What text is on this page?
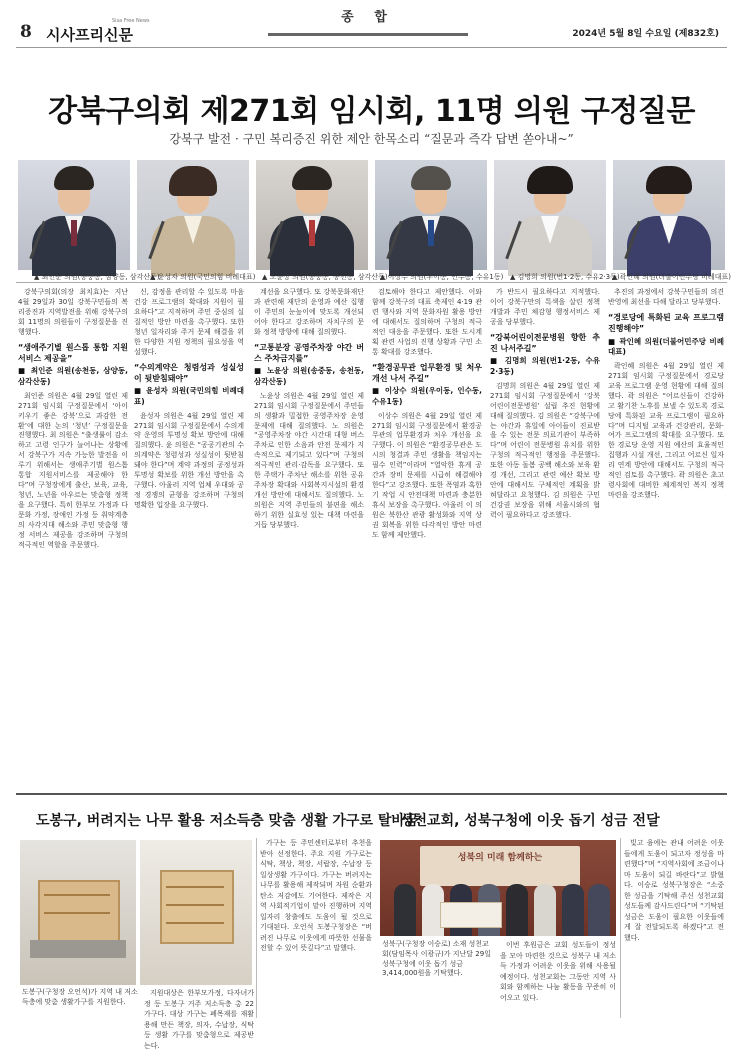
8 시사프리신문
Sisa Free News	종 합
2024년 5월 8일 수요일 (제832호)
강북구의회 제271회 임시회, 11명 의원 구정질문
강북구 발전 · 구민 복리증진 위한 제안 한목소리 “질문과 즉각 답변 쏟아내~”
▲ 최인준 의원(송중동, 삼양동, 삼각산동)
▲ 윤성자 의원(국민의힘 비례대표) ▲ 노윤상 의원(송중동, 송천동, 삼각산동)
▲ 이상수 의원(우이동, 인수동, 수유1동) ▲ 김명희 의원(번1·2동, 수유2·3동)
▲ 곽인혜 의원(더불어민주당 비례대표)

강북구의회(의장 최치효)는 지난 4월 29일과 30일 강북구민들의 복리증진과 지역발전을 위해 강북구의회 11명의 의원들이 구정질문을 진행했다.

“생애주기별 원스톱 통합 지원서비스 제공을”
■ 최인준 의원(송천동, 삼양동, 삼각산동)

최인준 의원은 4월 29일 열린 제271회 임시회 구정질문에서 ‘아이키우기 좋은 강북’으로 과감한 전환’에 대한 논의 ‘청년’ 구정질문을 진행했다. 최 의원은 “출생률이 감소하고 고령 인구가 늘어나는 상황에서 강북구가 지속 가능한 발전을 이루기 위해서는 생애주기별 원스톱 통합 지원서비스를 제공해야 한다”며 구청장에게 출산, 보육, 교육, 청년, 노년을 아우르는 맞춤형 정책을 요구했다. 특히 한부모 가정과 다문화 가정, 장애인 가정 등 취약계층의 사각지대 해소와 주민 맞춤형 행정 서비스 제공을 강조하며 구청의 적극적인 역할을 주문했다.

신, 감정을 관리할 수 있도록 마음 건강 프로그램의 확대와 지원이 필요하다”고 지적하며 주민 중심의 실질적인 방안 마련을 촉구했다. 또한 청년 일자리와 주거 문제 해결을 위한 다양한 지원 정책의 필요성을 역설했다.

“수의계약은 청렴성과 성실성이 뒷받침돼야”
■ 윤성자 의원(국민의힘 비례대표)

윤성자 의원은 4월 29일 열린 제271회 임시회 구정질문에서 수의계약 운영의 투명성 확보 방안에 대해 질의했다. 윤 의원은 “공공기관의 수의계약은 청렴성과 성실성이 뒷받침돼야 한다”며 계약 과정의 공정성과 투명성 확보를 위한 개선 방안을 촉구했다. 아울러 지역 업체 우대와 공정 경쟁의 균형을 강조하며 구청의 명확한 입장을 요구했다.

계선을 요구했다. 또 강북문화재단과 관련해 재단의 운영과 예산 집행이 주민의 눈높이에 맞도록 개선되어야 한다고 강조하며 자치구의 문화 정책 방향에 대해 질의했다.

“고통분장 공영주차장 야간 버스 주차금지를”
■ 노윤상 의원(송중동, 송천동, 삼각산동)

노윤상 의원은 4월 29일 열린 제271회 임시회 구정질문에서 주민들의 생활과 밀접한 공영주차장 운영 문제에 대해 질의했다. 노 의원은 “공영주차장 야간 시간대 대형 버스 주차로 인한 소음과 안전 문제가 지속적으로 제기되고 있다”며 구청의 적극적인 관리·감독을 요구했다. 또한 주택가 주차난 해소를 위한 공유주차장 확대와 사회복지시설의 환경 개선 방안에 대해서도 질의했다. 노 의원은 지역 주민들의 불편을 해소하기 위한 실효성 있는 대책 마련을 거듭 당부했다.

검토해야 한다고 제안했다. 이와 함께 강북구의 대표 축제인 4·19 관련 행사와 지역 문화자원 활용 방안에 대해서도 질의하며 구청의 적극적인 대응을 주문했다. 또한 도시계획 관련 사업의 진행 상황과 구민 소통 확대를 강조했다.

“환경공무관 업무환경 및 처우 개선 나서 주길”
■ 이상수 의원(우이동, 인수동, 수유1동)

이상수 의원은 4월 29일 열린 제271회 임시회 구정질문에서 환경공무관의 업무환경과 처우 개선을 요구했다. 이 의원은 “환경공무관은 도시의 청결과 주민 생활을 책임지는 필수 인력”이라며 “열악한 휴게 공간과 장비 문제를 시급히 해결해야 한다”고 강조했다. 또한 폭염과 혹한기 작업 시 안전대책 마련과 충분한 휴식 보장을 촉구했다. 아울러 이 의원은 북한산 관광 활성화와 지역 상권 회복을 위한 다각적인 방안 마련도 함께 제안했다.

가 반드시 필요하다고 지적했다. 이어 강북구만의 특색을 살린 정책 개발과 주민 체감형 행정서비스 제공을 당부했다.

“강북어린이전문병원 향한 추진 나서주길”
■ 김명희 의원(번1·2동, 수유2·3동)

김명희 의원은 4월 29일 열린 제271회 임시회 구정질문에서 ‘강북어린이전문병원’ 설립 추진 현황에 대해 질의했다. 김 의원은 “강북구에는 야간과 휴일에 아이들이 진료받을 수 있는 전문 의료기관이 부족하다”며 어린이 전문병원 유치를 위한 구청의 적극적인 행정을 주문했다. 또한 아동 돌봄 공백 해소와 보육 환경 개선, 그리고 관련 예산 확보 방안에 대해서도 구체적인 계획을 밝혀달라고 요청했다. 김 의원은 구민 건강권 보장을 위해 서울시와의 협력이 필요하다고 강조했다.

추진의 과정에서 강북구민들의 의견 반영에 최선을 다해 달라고 당부했다.

“경로당에 특화된 교육 프로그램 진행해야”
■ 곽인혜 의원(더불어민주당 비례대표)

곽인혜 의원은 4월 29일 열린 제271회 임시회 구정질문에서 경로당 교육 프로그램 운영 현황에 대해 질의했다. 곽 의원은 “어르신들이 건강하고 활기찬 노후를 보낼 수 있도록 경로당에 특화된 교육 프로그램이 필요하다”며 디지털 교육과 건강관리, 문화·여가 프로그램의 확대를 요구했다. 또한 경로당 운영 지원 예산의 효율적인 집행과 시설 개선, 그리고 어르신 일자리 연계 방안에 대해서도 구청의 적극적인 검토를 촉구했다. 곽 의원은 초고령사회에 대비한 체계적인 복지 정책 마련을 강조했다.

도봉구, 버려지는 나무 활용 저소득층 맞춤 생활 가구로 탈바꿈
도봉구(구청장 오언석)가 지역 내 저소득층에 맞춤 생활가구를 지원한다.

지원대상은 한부모가정, 다자녀가정 등 도봉구 거주 저소득층 총 22가구다. 대상 가구는 폐목재를 재활용해 만든 책장, 의자, 수납장, 식탁 등 생활 가구를 맞춤형으로 제공받는다.

가구는 등 주민센터로부터 추천을 받아 선정한다. 주요 지원 가구로는 식탁, 책상, 책장, 서랍장, 수납장 등 일상생활 가구이다. 가구는 버려지는 나무를 활용해 제작되며 자원 순환과 탄소 저감에도 기여한다. 제작은 지역 사회적기업이 맡아 진행하며 지역 일자리 창출에도 도움이 될 것으로 기대된다. 오언석 도봉구청장은 “버려진 나무로 이웃에게 따뜻한 선물을 전할 수 있어 뜻깊다”고 말했다.

성천교회, 성북구청에 이웃 돕기 성금 전달
성북의 미래 함께하는
성북구(구청장 이승로) 소재 성천교회(담임목사 이광규)가 지난달 29일 성북구청에 이웃 돕기 성금 3,414,000원을 기탁했다.

이번 후원금은 교회 성도들이 정성을 모아 마련한 것으로 성북구 내 저소득 가정과 어려운 이웃을 위해 사용될 예정이다. 성천교회는 그동안 지역 사회와 함께하는 나눔 활동을 꾸준히 이어오고 있다.

빛고 융에는 관내 어려운 이웃들에게 도움이 되고자 정성을 마련했다”며 “지역사회에 조금이나마 도움이 되길 바란다”고 밝혔다. 이승로 성북구청장은 “소중한 성금을 기탁해 주신 성천교회 성도들께 감사드린다”며 “기탁된 성금은 도움이 필요한 이웃들에게 잘 전달되도록 하겠다”고 전했다.
